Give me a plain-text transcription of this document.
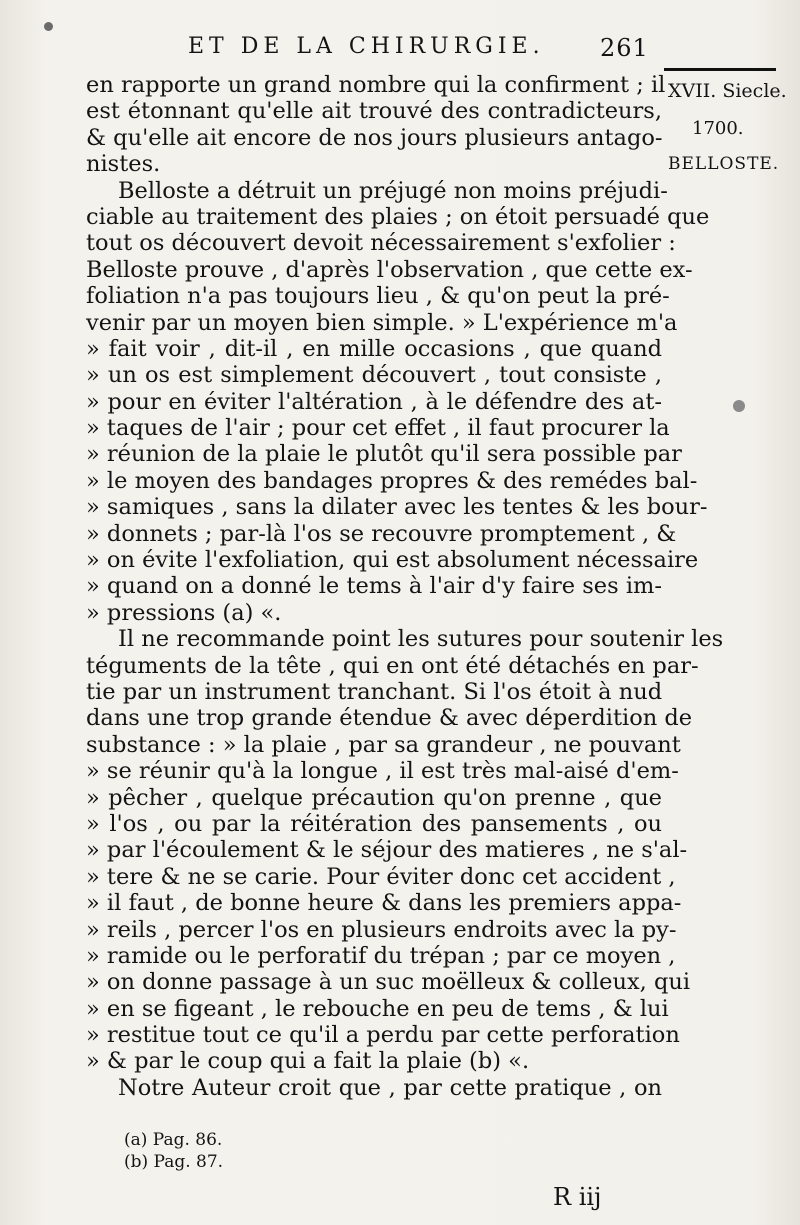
ET DE LA CHIRURGIE.	261
XVII. Siecle.
1700.
BELLOSTE.
en rapporte un grand nombre qui la confirment ; il
est étonnant qu'elle ait trouvé des contradicteurs,
& qu'elle ait encore de nos jours plusieurs antago-
nistes.
Belloste a détruit un préjugé non moins préjudi-
ciable au traitement des plaies ; on étoit persuadé que
tout os découvert devoit nécessairement s'exfolier :
Belloste prouve , d'après l'observation , que cette ex-
foliation n'a pas toujours lieu , & qu'on peut la pré-
venir par un moyen bien simple. » L'expérience m'a
» fait voir , dit-il , en mille occasions , que quand
» un os est simplement découvert , tout consiste ,
» pour en éviter l'altération , à le défendre des at-
» taques de l'air ; pour cet effet , il faut procurer la
» réunion de la plaie le plutôt qu'il sera possible par
» le moyen des bandages propres & des remédes bal-
» samiques , sans la dilater avec les tentes & les bour-
» donnets ; par-là l'os se recouvre promptement , &
» on évite l'exfoliation, qui est absolument nécessaire
» quand on a donné le tems à l'air d'y faire ses im-
» pressions (a) «.
Il ne recommande point les sutures pour soutenir les
téguments de la tête , qui en ont été détachés en par-
tie par un instrument tranchant. Si l'os étoit à nud
dans une trop grande étendue & avec déperdition de
substance : » la plaie , par sa grandeur , ne pouvant
» se réunir qu'à la longue , il est très mal-aisé d'em-
» pêcher , quelque précaution qu'on prenne , que
» l'os , ou par la réitération des pansements , ou
» par l'écoulement & le séjour des matieres , ne s'al-
» tere & ne se carie. Pour éviter donc cet accident ,
» il faut , de bonne heure & dans les premiers appa-
» reils , percer l'os en plusieurs endroits avec la py-
» ramide ou le perforatif du trépan ; par ce moyen ,
» on donne passage à un suc moëlleux & colleux, qui
» en se figeant , le rebouche en peu de tems , & lui
» restitue tout ce qu'il a perdu par cette perforation
» & par le coup qui a fait la plaie (b) «.
Notre Auteur croit que , par cette pratique , on
(a) Pag. 86.
(b) Pag. 87.
R iij
